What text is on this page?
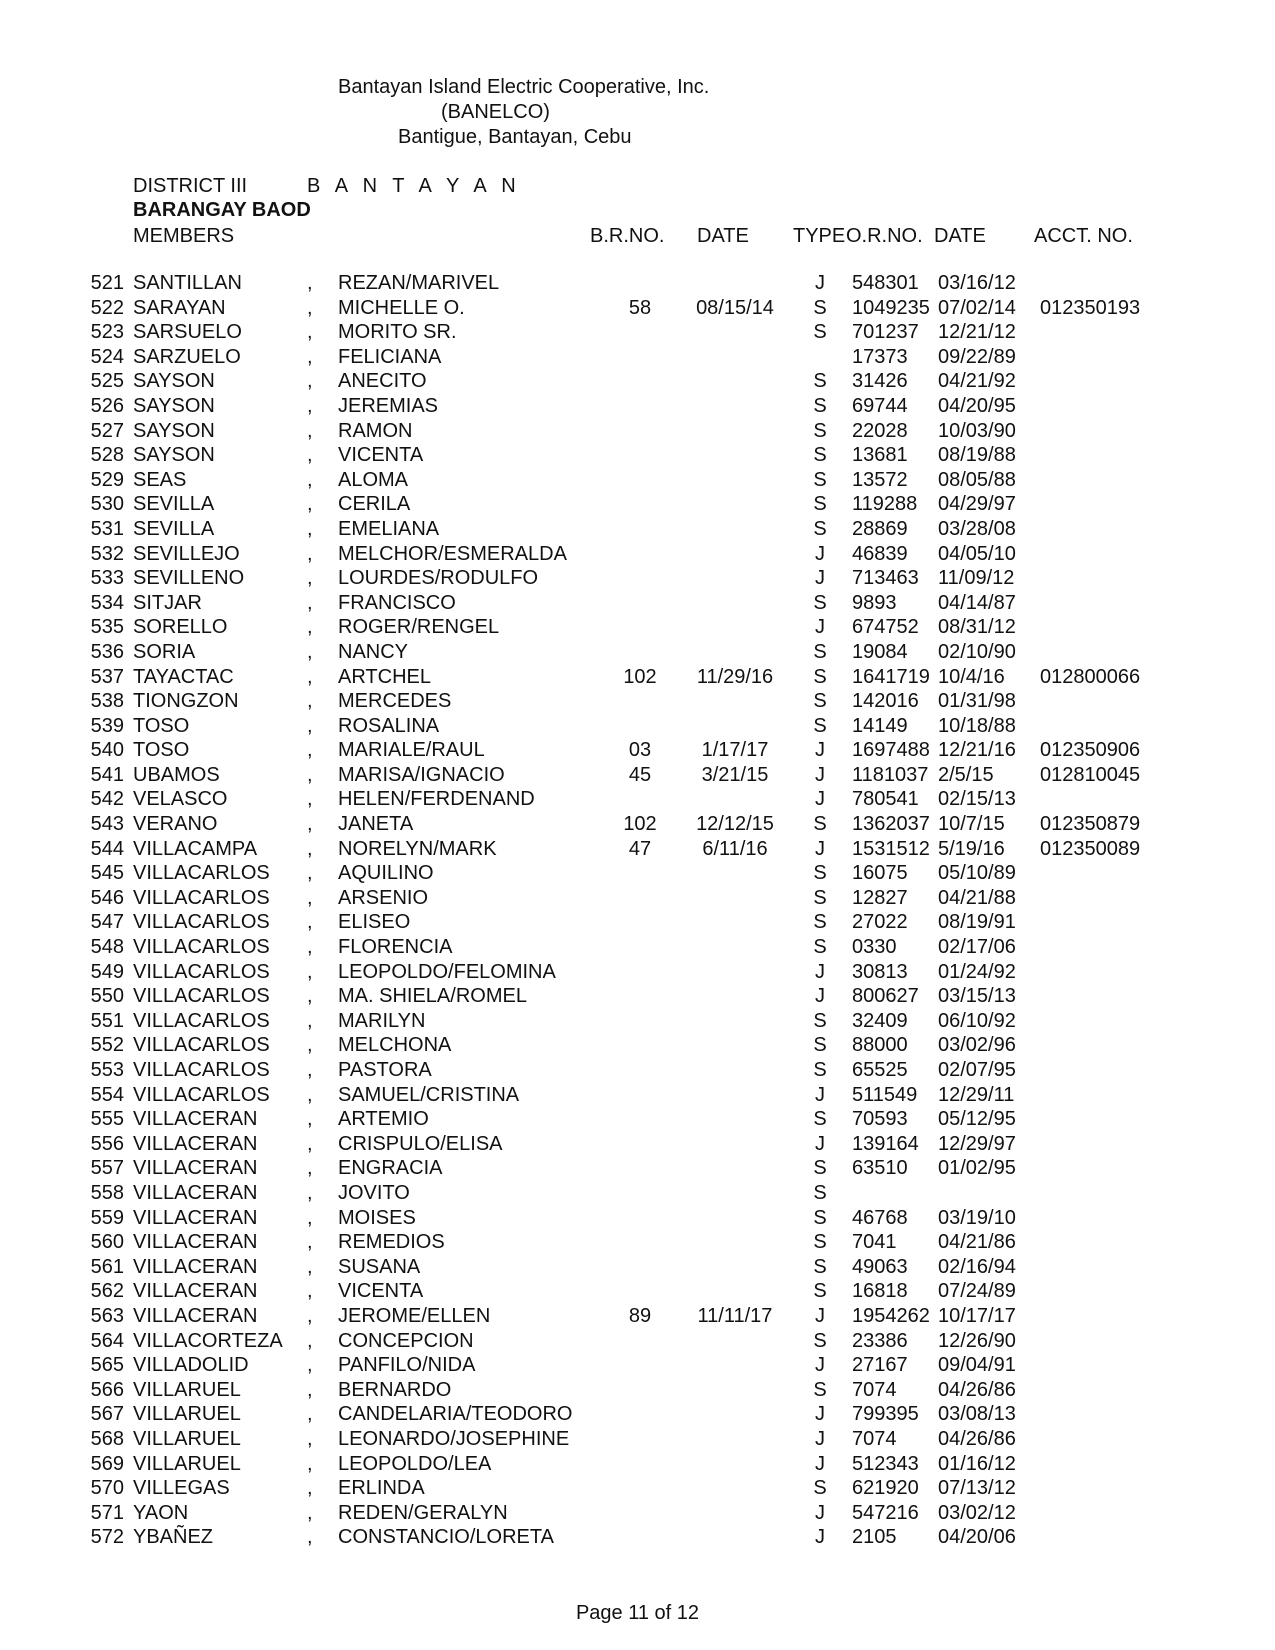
Bantayan Island Electric Cooperative, Inc.
(BANELCO)
Bantigue, Bantayan, Cebu
DISTRICT III	B A N T A Y A N
BARANGAY BAOD
MEMBERS	B.R.NO. DATE TYPE O.R.NO. DATE ACCT. NO.
521 SANTILLAN	, REZAN/MARIVEL	J	548301 03/16/12
522 SARAYAN	, MICHELLE O.	58	08/15/14	S 1049235 07/02/14 012350193
523 SARSUELO	, MORITO SR.	S 701237 12/21/12
524 SARZUELO	, FELICIANA	17373 09/22/89
525 SAYSON	, ANECITO	S 31426 04/21/92
526 SAYSON	, JEREMIAS	S 69744 04/20/95
527 SAYSON	, RAMON	S 22028 10/03/90
528 SAYSON	, VICENTA	S 13681 08/19/88
529 SEAS	, ALOMA	S 13572 08/05/88
530 SEVILLA	, CERILA	S 119288 04/29/97
531 SEVILLA	, EMELIANA	S 28869 03/28/08
532 SEVILLEJO	, MELCHOR/ESMERALDA	J	46839 04/05/10
533 SEVILLENO	, LOURDES/RODULFO	J	713463 11/09/12
534 SITJAR	, FRANCISCO	S 9893 04/14/87
535 SORELLO	, ROGER/RENGEL	J	674752 08/31/12
536 SORIA	, NANCY	S 19084 02/10/90
537 TAYACTAC	, ARTCHEL	102	11/29/16	S 1641719 10/4/16 012800066
538 TIONGZON	, MERCEDES	S 142016 01/31/98
539 TOSO	, ROSALINA	S 14149 10/18/88
540 TOSO	, MARIALE/RAUL	03	1/17/17	J	1697488 12/21/16 012350906
541 UBAMOS	, MARISA/IGNACIO	45	3/21/15	J	1181037 2/5/15 012810045
542 VELASCO	, HELEN/FERDENAND	J	780541 02/15/13
543 VERANO	, JANETA	102	12/12/15	S 1362037 10/7/15 012350879
544 VILLACAMPA , NORELYN/MARK	47	6/11/16	J	1531512 5/19/16 012350089
545 VILLACARLOS , AQUILINO	S 16075 05/10/89
546 VILLACARLOS , ARSENIO	S 12827 04/21/88
547 VILLACARLOS , ELISEO	S 27022 08/19/91
548 VILLACARLOS , FLORENCIA	S 0330 02/17/06
549 VILLACARLOS , LEOPOLDO/FELOMINA	J	30813 01/24/92
550 VILLACARLOS , MA. SHIELA/ROMEL	J	800627 03/15/13
551 VILLACARLOS , MARILYN	S 32409 06/10/92
552 VILLACARLOS , MELCHONA	S 88000 03/02/96
553 VILLACARLOS , PASTORA	S 65525 02/07/95
554 VILLACARLOS , SAMUEL/CRISTINA	J	511549 12/29/11
555 VILLACERAN , ARTEMIO	S 70593 05/12/95
556 VILLACERAN , CRISPULO/ELISA	J	139164 12/29/97
557 VILLACERAN , ENGRACIA	S 63510 01/02/95
558 VILLACERAN , JOVITO	S
559 VILLACERAN , MOISES	S 46768 03/19/10
560 VILLACERAN , REMEDIOS	S 7041 04/21/86
561 VILLACERAN , SUSANA	S 49063 02/16/94
562 VILLACERAN , VICENTA	S 16818 07/24/89
563 VILLACERAN , JEROME/ELLEN	89	11/11/17	J	1954262 10/17/17
564 VILLACORTEZA , CONCEPCION	S 23386 12/26/90
565 VILLADOLID	, PANFILO/NIDA	J	27167 09/04/91
566 VILLARUEL	, BERNARDO	S 7074 04/26/86
567 VILLARUEL	, CANDELARIA/TEODORO	J	799395 03/08/13
568 VILLARUEL	, LEONARDO/JOSEPHINE	J	7074 04/26/86
569 VILLARUEL	, LEOPOLDO/LEA	J	512343 01/16/12
570 VILLEGAS	, ERLINDA	S 621920 07/13/12
571 YAON	, REDEN/GERALYN	J	547216 03/02/12
572 YBAÑEZ	, CONSTANCIO/LORETA	J	2105 04/20/06
Page 11 of 12
